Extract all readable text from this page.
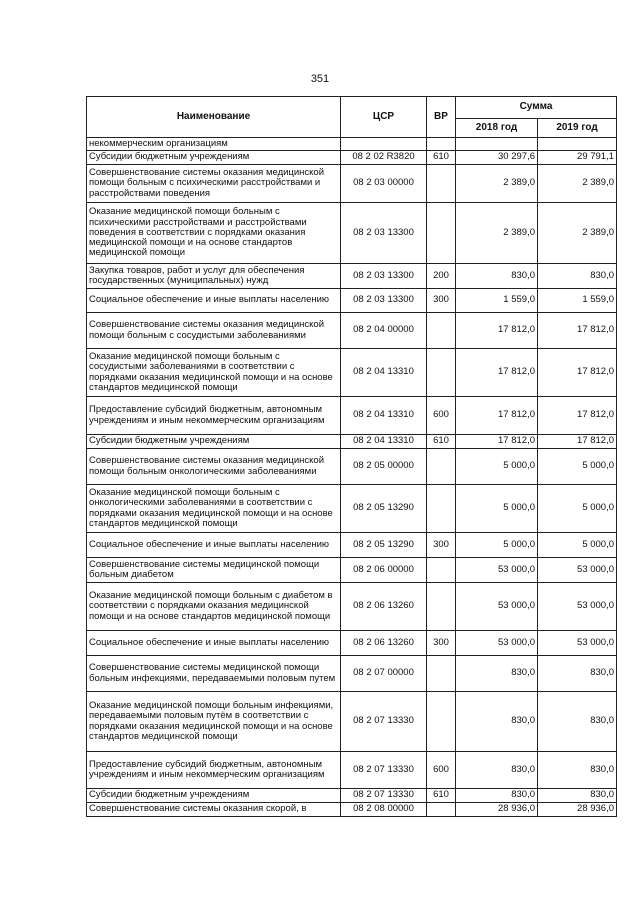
351
Наименование	ЦСР	ВР	Сумма	
			2018 год	2019 год
некоммерческим организациям				
Субсидии бюджетным учреждениям	08 2 02 R3820	610	30 297,6	29 791,1
Совершенствование системы оказания медицинской помощи больным с психическими расстройствами и расстройствами поведения	08 2 03 00000		2 389,0	2 389,0
Оказание медицинской помощи больным с психическими расстройствами и расстройствами поведения в соответствии с порядками оказания медицинской помощи и на основе стандартов медицинской помощи	08 2 03 13300		2 389,0	2 389,0
Закупка товаров, работ и услуг для обеспечения государственных (муниципальных) нужд	08 2 03 13300	200	830,0	830,0
Социальное обеспечение и иные выплаты населению	08 2 03 13300	300	1 559,0	1 559,0
Совершенствование системы оказания медицинской помощи больным с сосудистыми заболеваниями	08 2 04 00000		17 812,0	17 812,0
Оказание медицинской помощи больным с сосудистыми заболеваниями в соответствии с порядками оказания медицинской помощи и на основе стандартов медицинской помощи	08 2 04 13310		17 812,0	17 812,0
Предоставление субсидий бюджетным, автономным учреждениям и иным некоммерческим организациям	08 2 04 13310	600	17 812,0	17 812,0
Субсидии бюджетным учреждениям	08 2 04 13310	610	17 812,0	17 812,0
Совершенствование системы оказания медицинской помощи больным онкологическими заболеваниями	08 2 05 00000		5 000,0	5 000,0
Оказание медицинской помощи больным с онкологическими заболеваниями в соответствии с порядками оказания медицинской помощи и на основе стандартов медицинской помощи	08 2 05 13290		5 000,0	5 000,0
Социальное обеспечение и иные выплаты населению	08 2 05 13290	300	5 000,0	5 000,0
Совершенствование системы медицинской помощи больным диабетом	08 2 06 00000		53 000,0	53 000,0
Оказание медицинской помощи больным с диабетом в соответствии с порядками оказания медицинской помощи и на основе стандартов медицинской помощи	08 2 06 13260		53 000,0	53 000,0
Социальное обеспечение и иные выплаты населению	08 2 06 13260	300	53 000,0	53 000,0
Совершенствование системы медицинской помощи больным инфекциями, передаваемыми половым путем	08 2 07 00000		830,0	830,0
Оказание медицинской помощи больным инфекциями, передаваемыми половым путём в соответствии с порядками оказания медицинской помощи и на основе стандартов медицинской помощи	08 2 07 13330		830,0	830,0
Предоставление субсидий бюджетным, автономным учреждениям и иным некоммерческим организациям	08 2 07 13330	600	830,0	830,0
Субсидии бюджетным учреждениям	08 2 07 13330	610	830,0	830,0
Совершенствование системы оказания скорой, в	08 2 08 00000		28 936,0	28 936,0
